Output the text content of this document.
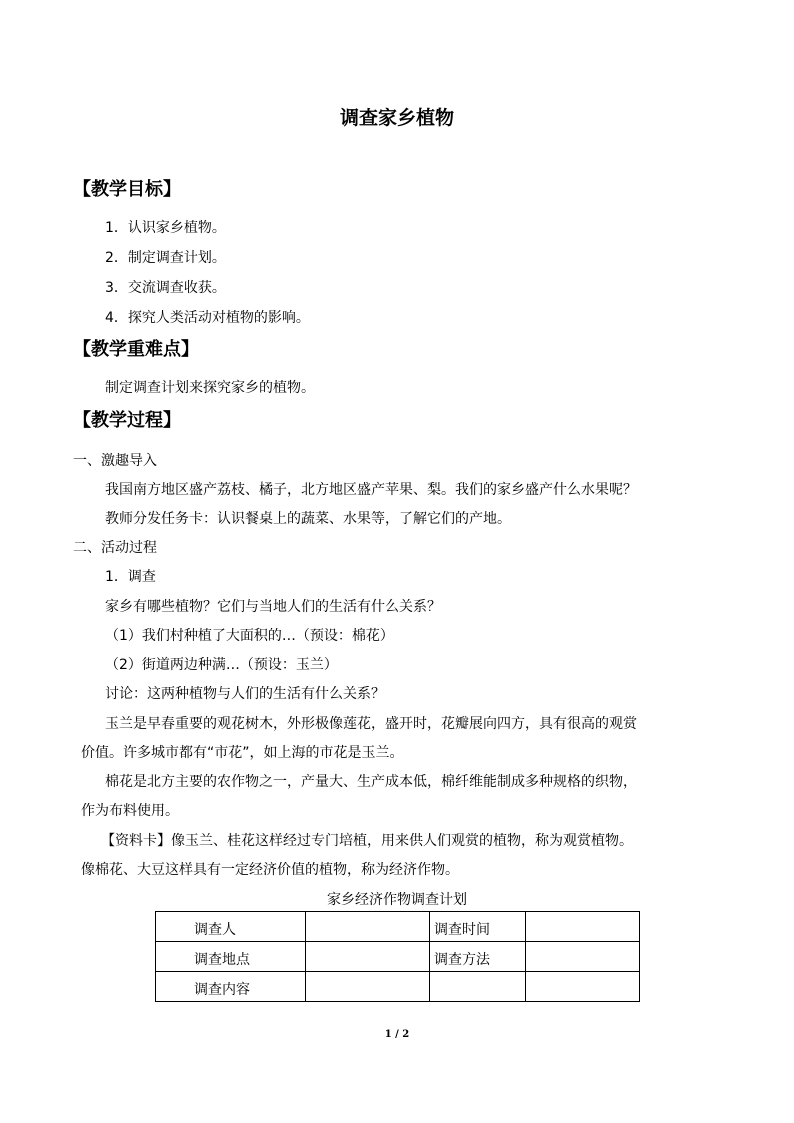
调查家乡植物
【教学目标】
1．认识家乡植物。
2．制定调查计划。
3．交流调查收获。
4．探究人类活动对植物的影响。
【教学重难点】
制定调查计划来探究家乡的植物。
【教学过程】
一、激趣导入
我国南方地区盛产荔枝、橘子，北方地区盛产苹果、梨。我们的家乡盛产什么水果呢？
教师分发任务卡：认识餐桌上的蔬菜、水果等，了解它们的产地。
二、活动过程
1．调查
家乡有哪些植物？它们与当地人们的生活有什么关系？
（1）我们村种植了大面积的…（预设：棉花）
（2）街道两边种满…（预设：玉兰）
讨论：这两种植物与人们的生活有什么关系？
玉兰是早春重要的观花树木，外形极像莲花，盛开时，花瓣展向四方，具有很高的观赏
价值。许多城市都有“市花”，如上海的市花是玉兰。
棉花是北方主要的农作物之一，产量大、生产成本低，棉纤维能制成多种规格的织物，
作为布料使用。
【资料卡】像玉兰、桂花这样经过专门培植，用来供人们观赏的植物，称为观赏植物。
像棉花、大豆这样具有一定经济价值的植物，称为经济作物。
家乡经济作物调查计划
调查人		调查时间	
调查地点		调查方法	
调查内容			
1 / 2
